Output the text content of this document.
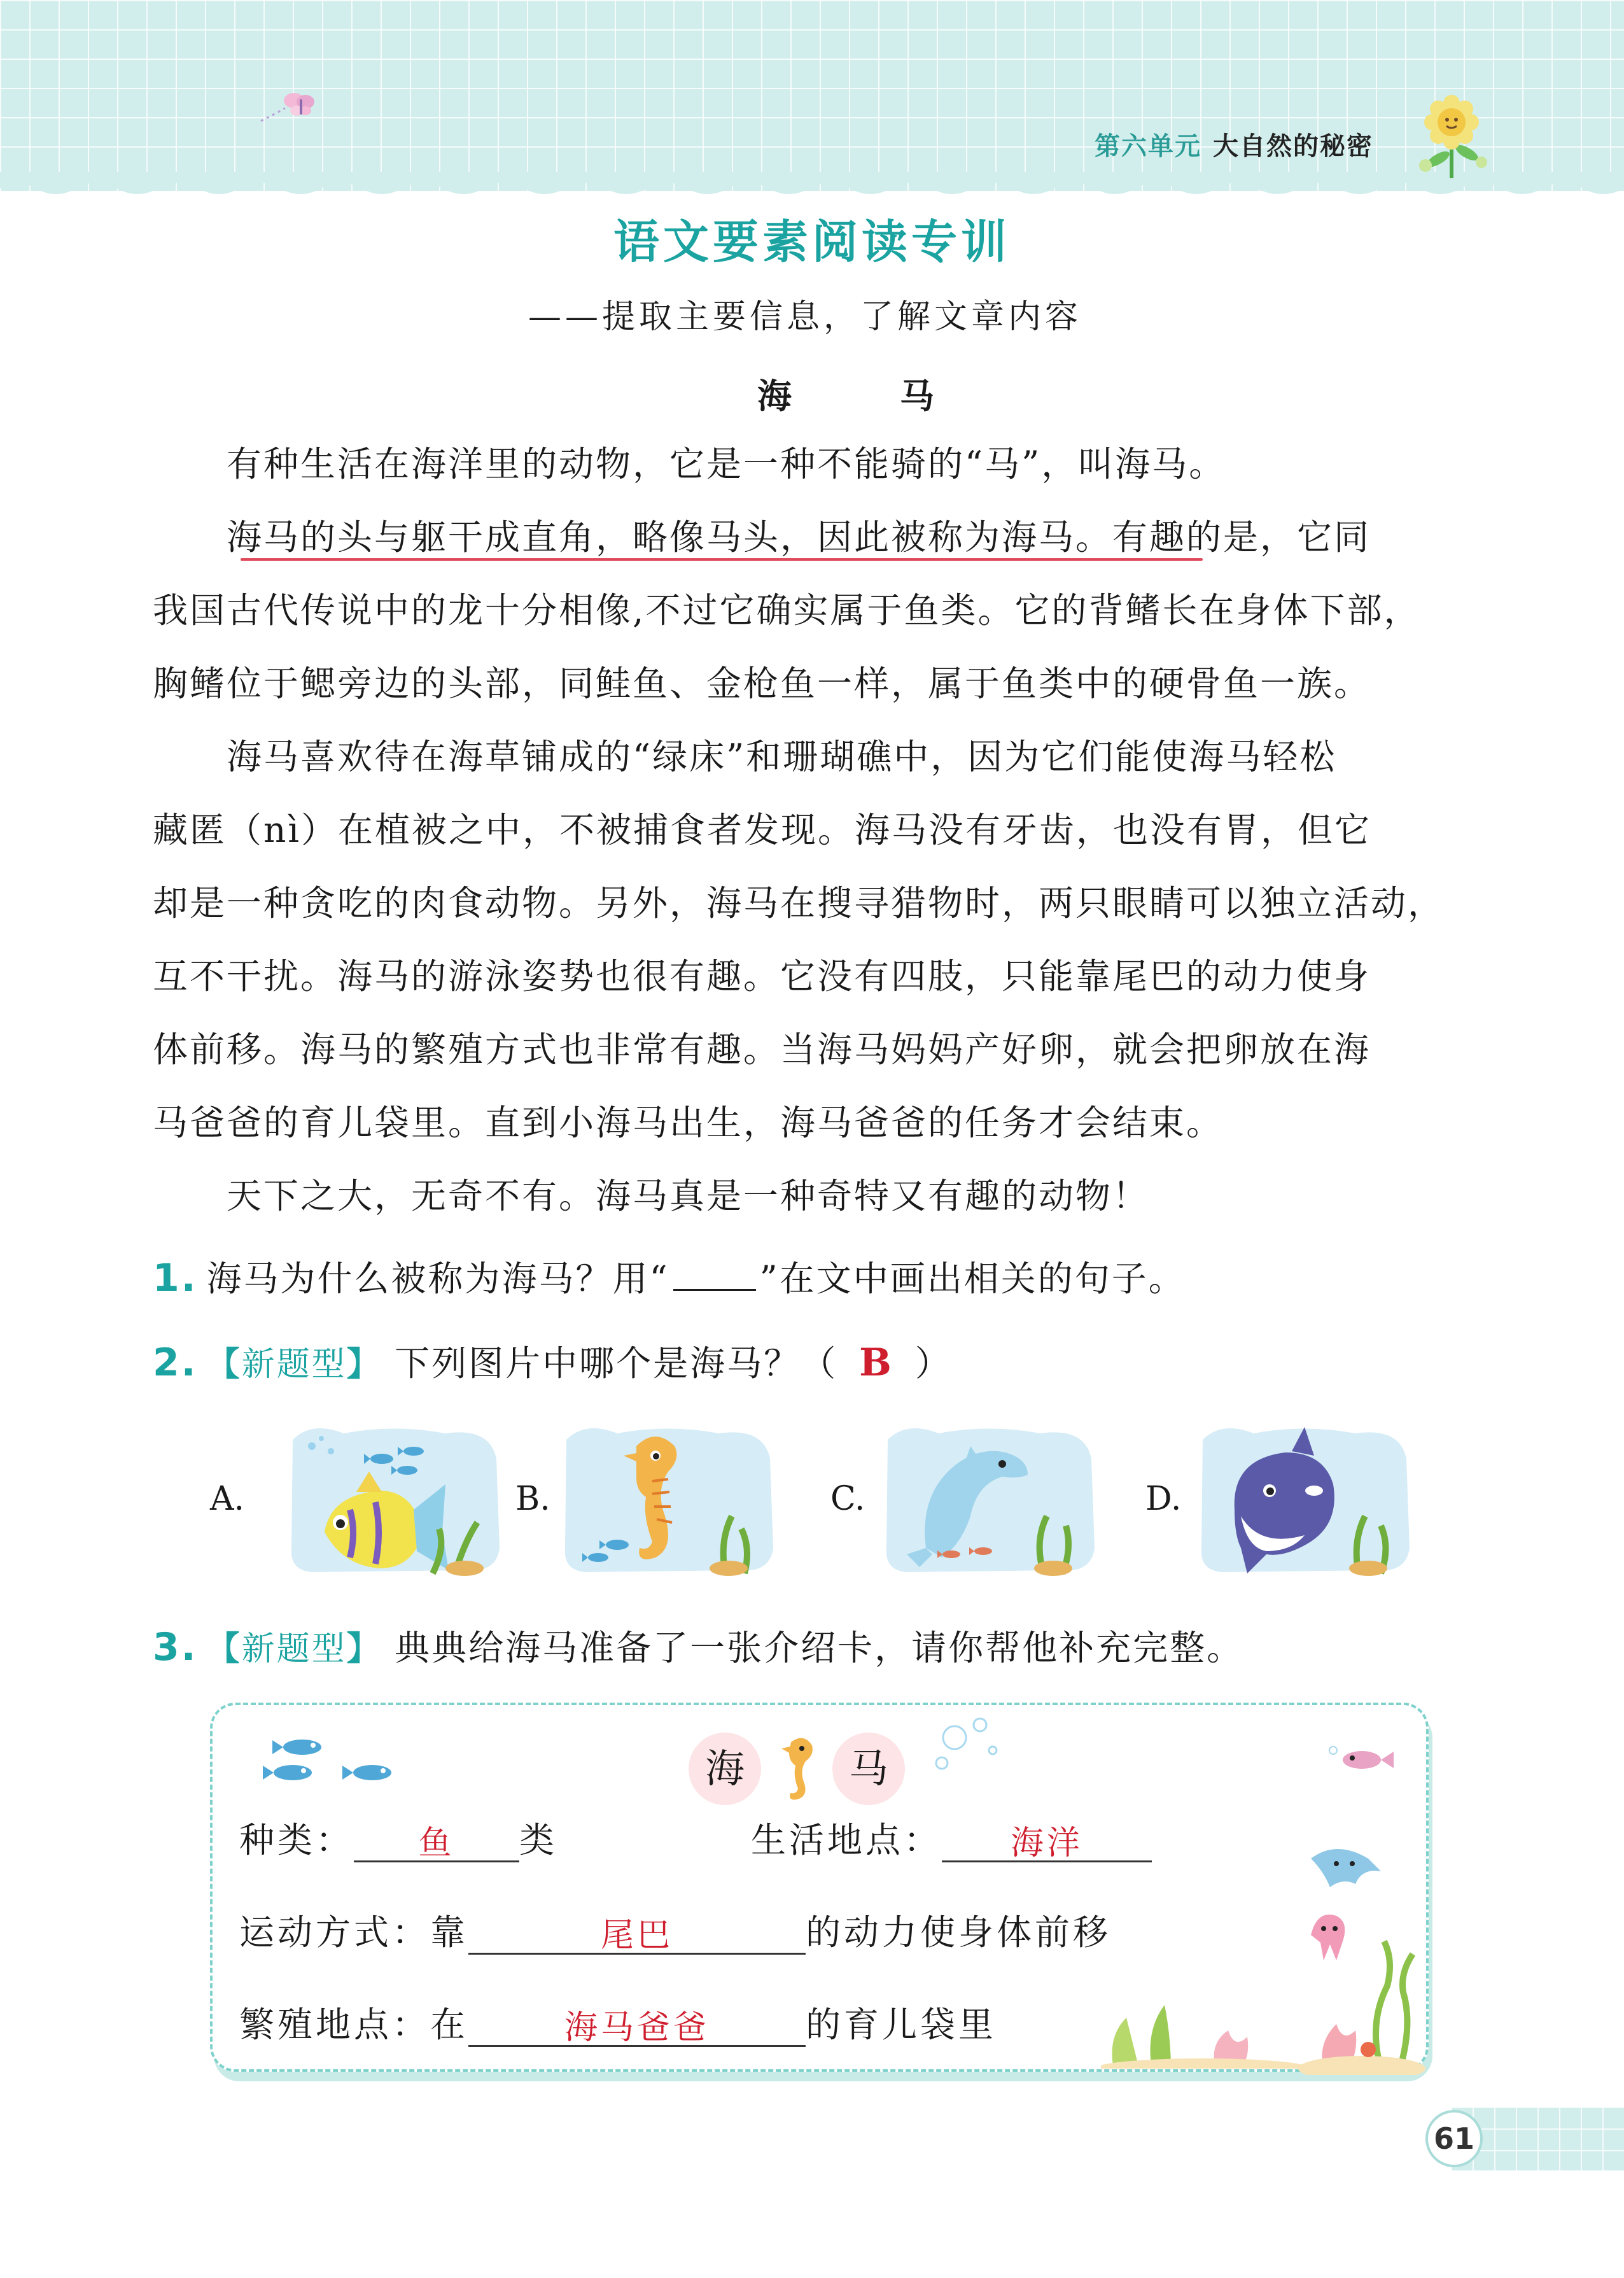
第六单元 大自然的秘密
语文要素阅读专训
——提取主要信息，了解文章内容
海　马
　　有种生活在海洋里的动物，它是一种不能骑的“马”，叫海马。
　　海马的头与躯干成直角，略像马头，因此被称为海马。有趣的是，它同
我国古代传说中的龙十分相像,不过它确实属于鱼类。它的背鳍长在身体下部，
胸鳍位于鳃旁边的头部，同鲑鱼、金枪鱼一样，属于鱼类中的硬骨鱼一族。
　　海马喜欢待在海草铺成的“绿床”和珊瑚礁中，因为它们能使海马轻松
藏匿（nì）在植被之中，不被捕食者发现。海马没有牙齿，也没有胃，但它
却是一种贪吃的肉食动物。另外，海马在搜寻猎物时，两只眼睛可以独立活动，
互不干扰。海马的游泳姿势也很有趣。它没有四肢，只能靠尾巴的动力使身
体前移。海马的繁殖方式也非常有趣。当海马妈妈产好卵，就会把卵放在海
马爸爸的育儿袋里。直到小海马出生，海马爸爸的任务才会结束。
　　天下之大，无奇不有。海马真是一种奇特又有趣的动物！
1. 海马为什么被称为海马？用“	”在文中画出相关的句子。
2. 【新题型】 下列图片中哪个是海马？（ B ）
A.	B.	C.	D.
3. 【新题型】 典典给海马准备了一张介绍卡，请你帮他补充完整。
海	马
种类： 鱼 类	生活地点： 海洋
运动方式：靠	尾巴	的动力使身体前移
繁殖地点：在	海马爸爸	的育儿袋里
61
